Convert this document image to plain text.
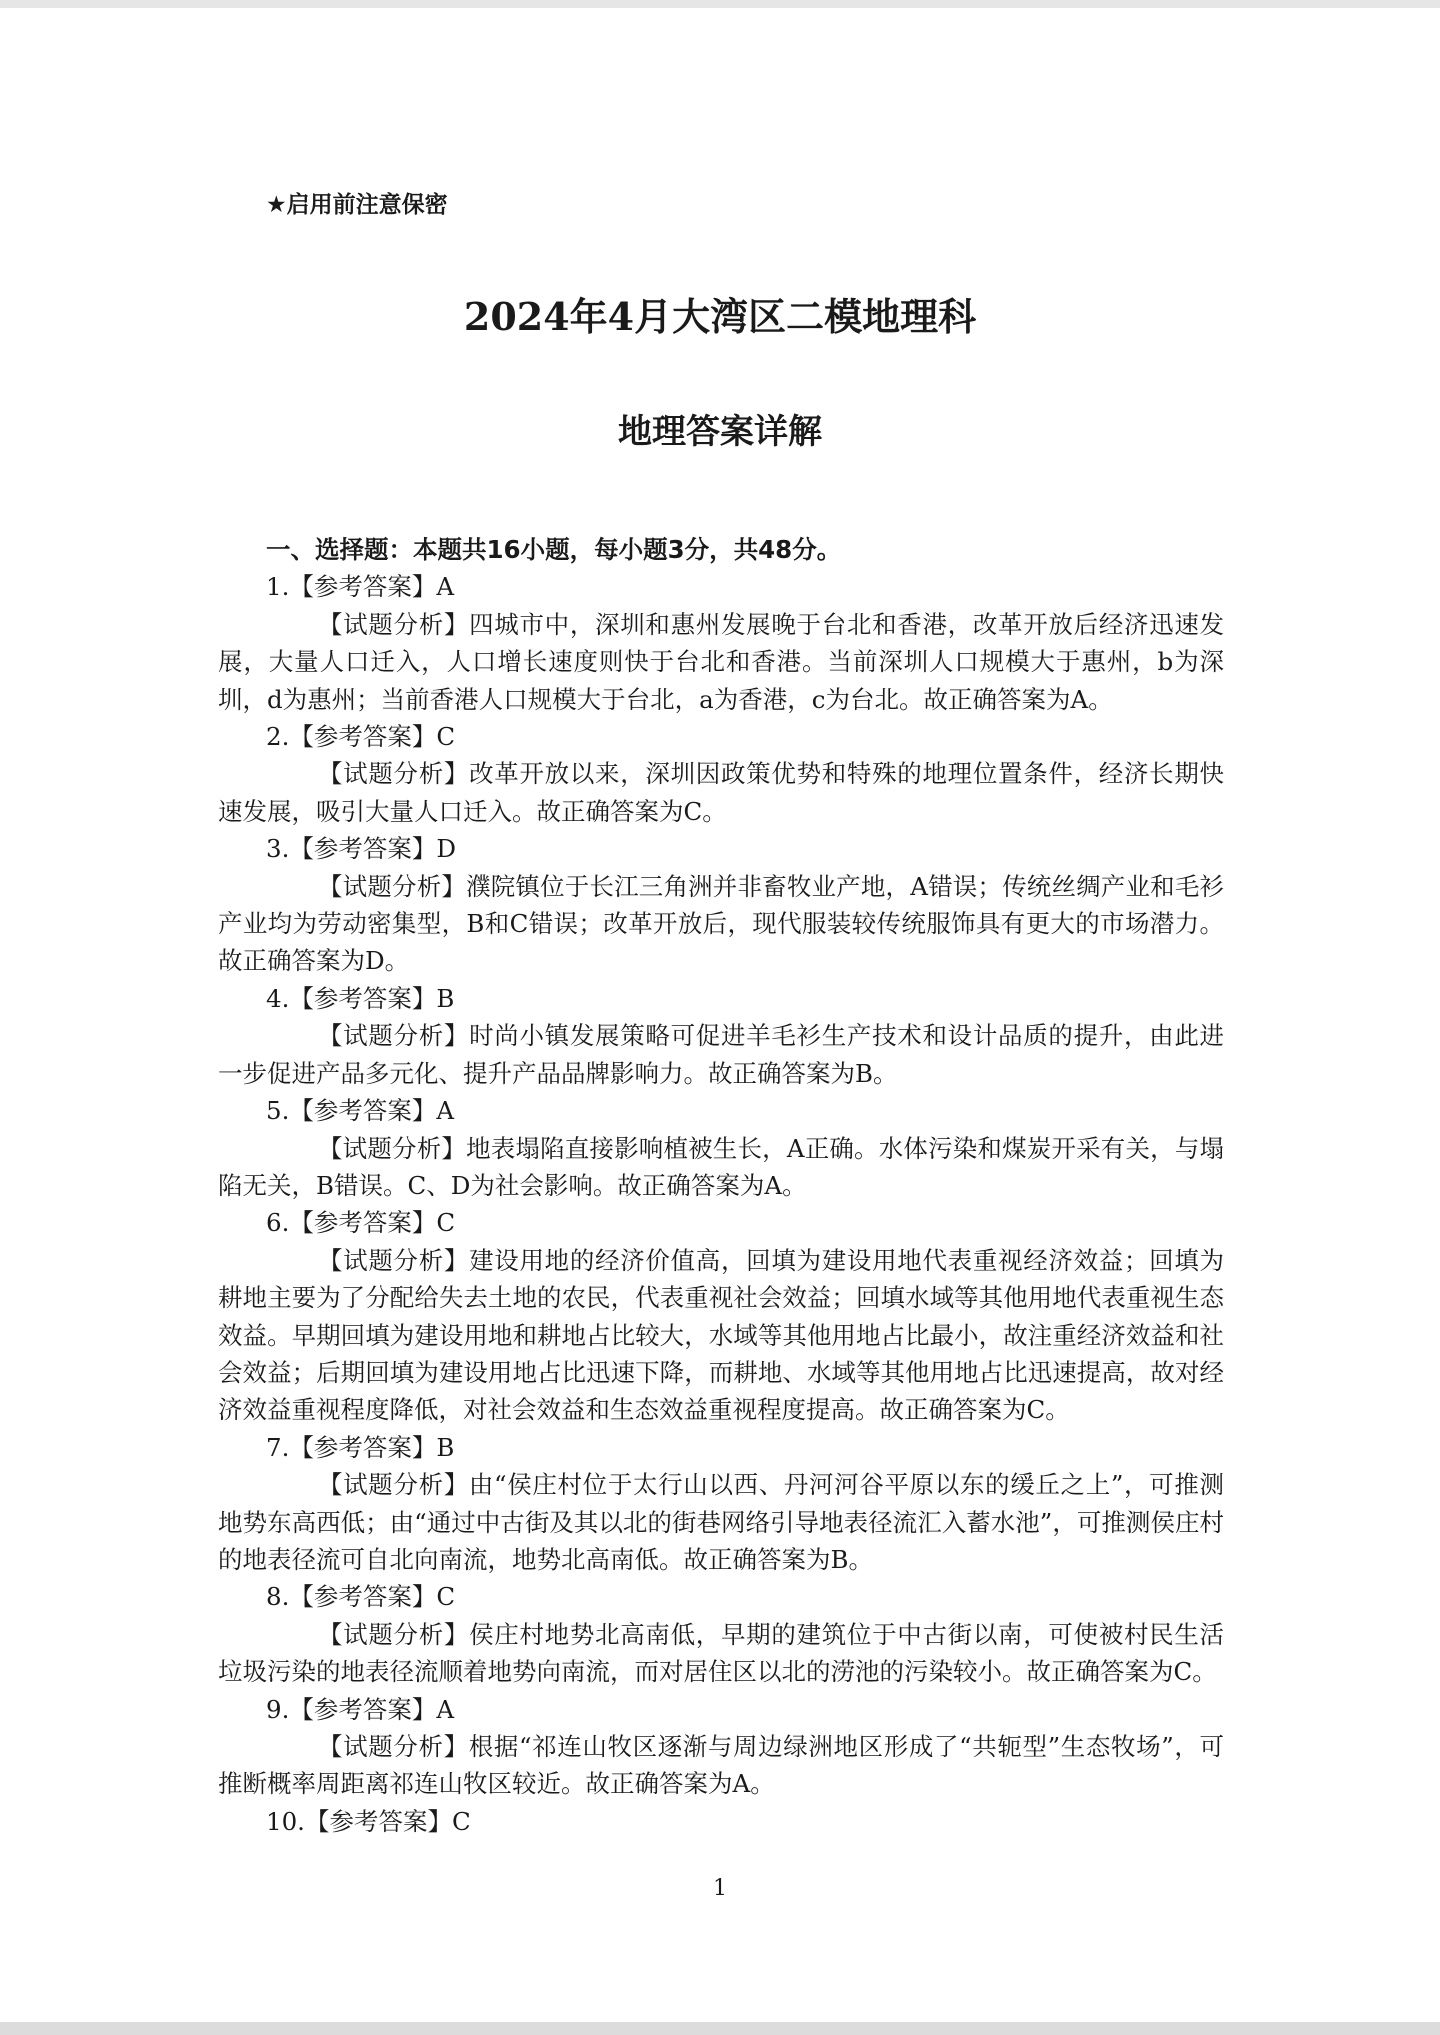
★启用前注意保密
2024年4月大湾区二模地理科
地理答案详解
一、选择题：本题共16小题，每小题3分，共48分。
1.【参考答案】A
【试题分析】四城市中，深圳和惠州发展晚于台北和香港，改革开放后经济迅速发展，大量人口迁入，人口增长速度则快于台北和香港。当前深圳人口规模大于惠州，b为深圳，d为惠州；当前香港人口规模大于台北，a为香港，c为台北。故正确答案为A。
2.【参考答案】C
【试题分析】改革开放以来，深圳因政策优势和特殊的地理位置条件，经济长期快速发展，吸引大量人口迁入。故正确答案为C。
3.【参考答案】D
【试题分析】濮院镇位于长江三角洲并非畜牧业产地，A错误；传统丝绸产业和毛衫产业均为劳动密集型，B和C错误；改革开放后，现代服装较传统服饰具有更大的市场潜力。故正确答案为D。
4.【参考答案】B
【试题分析】时尚小镇发展策略可促进羊毛衫生产技术和设计品质的提升，由此进一步促进产品多元化、提升产品品牌影响力。故正确答案为B。
5.【参考答案】A
【试题分析】地表塌陷直接影响植被生长，A正确。水体污染和煤炭开采有关，与塌陷无关，B错误。C、D为社会影响。故正确答案为A。
6.【参考答案】C
【试题分析】建设用地的经济价值高，回填为建设用地代表重视经济效益；回填为耕地主要为了分配给失去土地的农民，代表重视社会效益；回填水域等其他用地代表重视生态效益。早期回填为建设用地和耕地占比较大，水域等其他用地占比最小，故注重经济效益和社会效益；后期回填为建设用地占比迅速下降，而耕地、水域等其他用地占比迅速提高，故对经济效益重视程度降低，对社会效益和生态效益重视程度提高。故正确答案为C。
7.【参考答案】B
【试题分析】由“侯庄村位于太行山以西、丹河河谷平原以东的缓丘之上”，可推测地势东高西低；由“通过中古街及其以北的街巷网络引导地表径流汇入蓄水池”，可推测侯庄村的地表径流可自北向南流，地势北高南低。故正确答案为B。
8.【参考答案】C
【试题分析】侯庄村地势北高南低，早期的建筑位于中古街以南，可使被村民生活垃圾污染的地表径流顺着地势向南流，而对居住区以北的涝池的污染较小。故正确答案为C。
9.【参考答案】A
【试题分析】根据“祁连山牧区逐渐与周边绿洲地区形成了“共轭型”生态牧场”，可推断概率周距离祁连山牧区较近。故正确答案为A。
10.【参考答案】C
1
